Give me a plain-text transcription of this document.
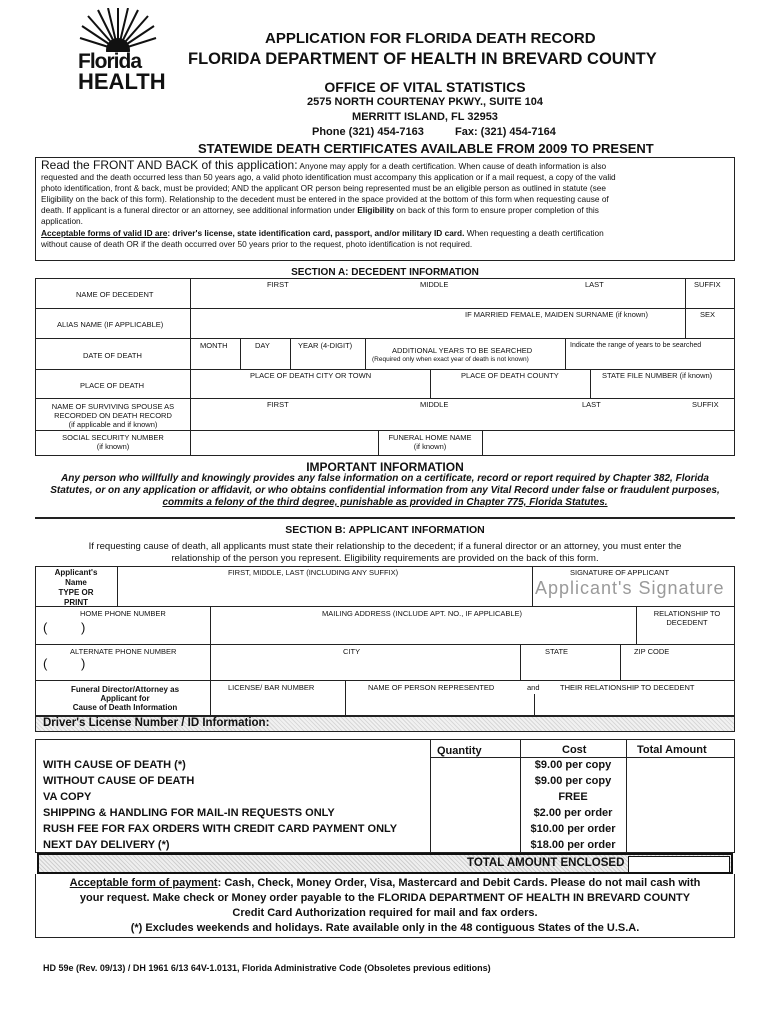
Florida
HEALTH
APPLICATION FOR FLORIDA DEATH RECORD
FLORIDA DEPARTMENT OF HEALTH IN BREVARD COUNTY
OFFICE OF VITAL STATISTICS
2575 NORTH COURTENAY PKWY., SUITE 104
MERRITT ISLAND, FL 32953
Phone (321) 454-7163	Fax: (321) 454-7164
STATEWIDE DEATH CERTIFICATES AVAILABLE FROM 2009 TO PRESENT
Read the FRONT AND BACK of this application: Anyone may apply for a death certification. When cause of death information is also
requested and the death occurred less than 50 years ago, a valid photo identification must accompany this application or if a mail request, a copy of the valid
photo identification, front & back, must be provided; AND the applicant OR person being represented must be an eligible person as outlined in statute (see
Eligibility on the back of this form). Relationship to the decedent must be entered in the space provided at the bottom of this form when requesting cause of
death. If applicant is a funeral director or an attorney, see additional information under Eligibility on back of this form to ensure proper completion of this
application.
Acceptable forms of valid ID are: driver's license, state identification card, passport, and/or military ID card. When requesting a death certification
without cause of death OR if the death occurred over 50 years prior to the request, photo identification is not required.
SECTION A: DECEDENT INFORMATION
NAME OF DECEDENT
FIRST	MIDDLE	LAST	SUFFIX
ALIAS NAME (IF APPLICABLE)
IF MARRIED FEMALE, MAIDEN SURNAME (if known)	SEX
DATE OF DEATH
MONTH	DAY	YEAR (4-DIGIT)
ADDITIONAL YEARS TO BE SEARCHED
(Required only when exact year of death is not known)
Indicate the range of years to be searched
PLACE OF DEATH
PLACE OF DEATH CITY OR TOWN	PLACE OF DEATH COUNTY	STATE FILE NUMBER (if known)
NAME OF SURVIVING SPOUSE AS
RECORDED ON DEATH RECORD
(if applicable and if known)
FIRST	MIDDLE	LAST	SUFFIX
SOCIAL SECURITY NUMBER
(if known)
FUNERAL HOME NAME
(if known)
IMPORTANT INFORMATION
Any person who willfully and knowingly provides any false information on a certificate, record or report required by Chapter 382, Florida
Statutes, or on any application or affidavit, or who obtains confidential information from any Vital Record under false or fraudulent purposes,
commits a felony of the third degree, punishable as provided in Chapter 775, Florida Statutes.
SECTION B: APPLICANT INFORMATION
If requesting cause of death, all applicants must state their relationship to the decedent; if a funeral director or an attorney, you must enter the
relationship of the person you represent. Eligibility requirements are provided on the back of this form.
Applicant's
Name
TYPE OR
PRINT
FIRST, MIDDLE, LAST (INCLUDING ANY SUFFIX)	SIGNATURE OF APPLICANT
Applicant's Signature
HOME PHONE NUMBER	MAILING ADDRESS (INCLUDE APT. NO., IF APPLICABLE)	RELATIONSHIP TO
DECEDENT
(	)
ALTERNATE PHONE NUMBER	CITY	STATE	ZIP CODE
(	)
Funeral Director/Attorney as
Applicant for
Cause of Death Information
LICENSE/ BAR NUMBER	NAME OF PERSON REPRESENTED	and	THEIR RELATIONSHIP TO DECEDENT
Driver's License Number / ID Information:
Quantity	Cost	Total Amount
WITH CAUSE OF DEATH (*)	$9.00 per copy
WITHOUT CAUSE OF DEATH	$9.00 per copy
VA COPY	FREE
SHIPPING & HANDLING FOR MAIL-IN REQUESTS ONLY	$2.00 per order
RUSH FEE FOR FAX ORDERS WITH CREDIT CARD PAYMENT ONLY	$10.00 per order
NEXT DAY DELIVERY (*)	$18.00 per order
TOTAL AMOUNT ENCLOSED
Acceptable form of payment: Cash, Check, Money Order, Visa, Mastercard and Debit Cards. Please do not mail cash with
your request. Make check or Money order payable to the FLORIDA DEPARTMENT OF HEALTH IN BREVARD COUNTY
Credit Card Authorization required for mail and fax orders.
(*) Excludes weekends and holidays. Rate available only in the 48 contiguous States of the U.S.A.
HD 59e (Rev. 09/13) / DH 1961 6/13 64V-1.0131, Florida Administrative Code (Obsoletes previous editions)
